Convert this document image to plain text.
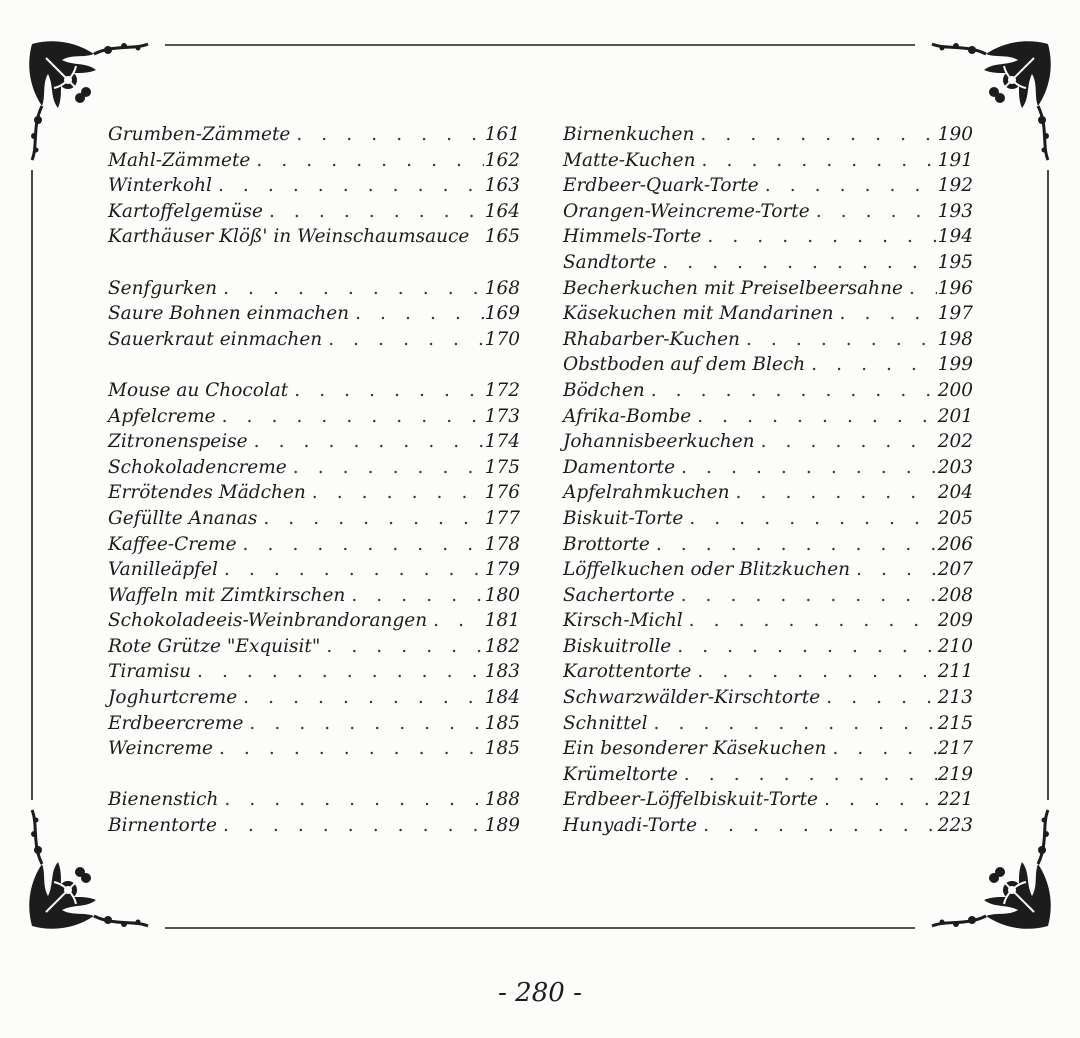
Grumben-Zämmete . . .	161
Mahl-Zämmete . . .	162
Winterkohl . . .	163
Kartoffelgemüse . . .	164
Karthäuser Klöß' in Weinschaumsauce 165
Senfgurken . . .	168
Saure Bohnen einmachen . . .	169
Sauerkraut einmachen . . .	170
Mouse au Chocolat . . .	172
Apfelcreme . . .	173
Zitronenspeise . . .	174
Schokoladencreme . . .	175
Errötendes Mädchen . . .	176
Gefüllte Ananas . . .	177
Kaffee-Creme . . .	178
Vanilleäpfel . . .	179
Waffeln mit Zimtkirschen . . .	180
Schokoladeeis-Weinbrandorangen . . .	181
Rote Grütze "Exquisit" . . .	182
Tiramisu . . .	183
Joghurtcreme . . .	184
Erdbeercreme . . .	185
Weincreme . . .	185
Bienenstich . . .	188
Birnentorte . . .	189
Birnenkuchen . . .	190
Matte-Kuchen . . .	191
Erdbeer-Quark-Torte . . .	192
Orangen-Weincreme-Torte . . .	193
Himmels-Torte . . .	194
Sandtorte . . .	195
Becherkuchen mit Preiselbeersahne . . . 196
Käsekuchen mit Mandarinen . . .	197
Rhabarber-Kuchen . . .	198
Obstboden auf dem Blech . . .	199
Bödchen . . .	200
Afrika-Bombe . . .	201
Johannisbeerkuchen . . .	202
Damentorte . . .	203
Apfelrahmkuchen . . .	204
Biskuit-Torte . . .	205
Brottorte . . .	206
Löffelkuchen oder Blitzkuchen . . .	207
Sachertorte . . .	208
Kirsch-Michl . . .	209
Biskuitrolle . . .	210
Karottentorte . . .	211
Schwarzwälder-Kirschtorte . . .	213
Schnittel . . .	215
Ein besonderer Käsekuchen . . .	217
Krümeltorte . . .	219
Erdbeer-Löffelbiskuit-Torte . . .	221
Hunyadi-Torte . . .	223
- 280 -
